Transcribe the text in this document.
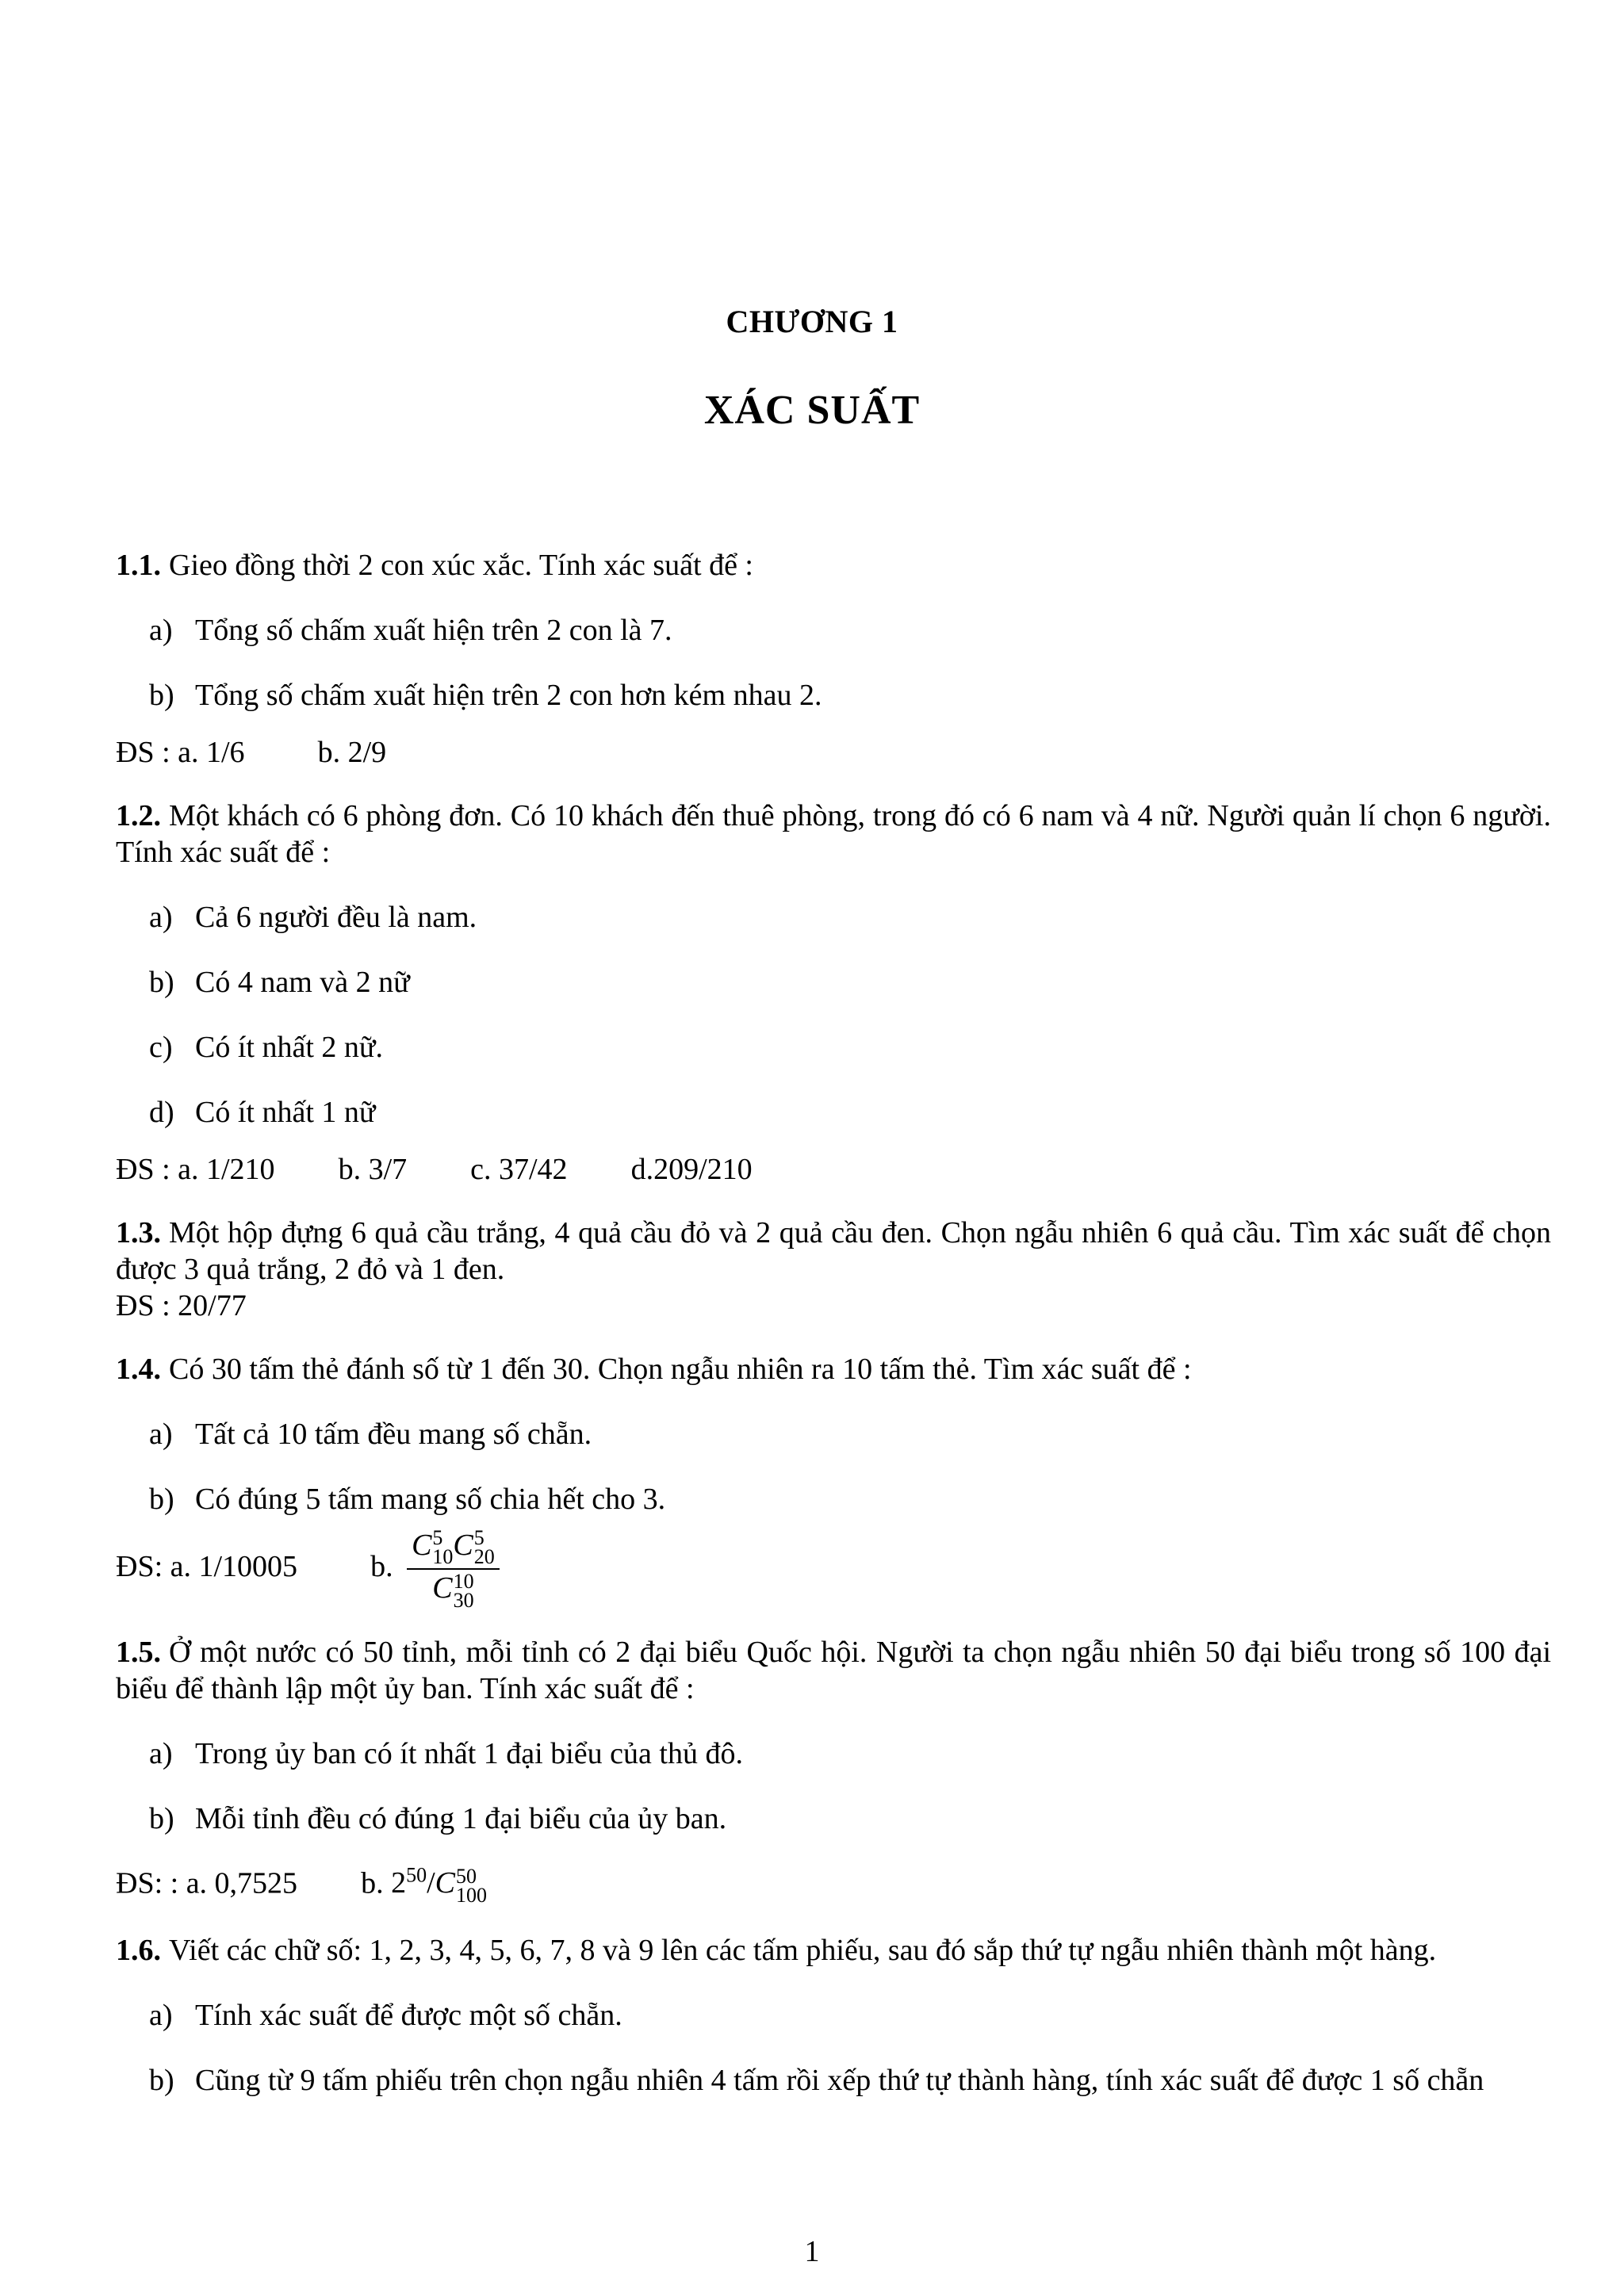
CHƯƠNG 1
XÁC SUẤT

1.1. Gieo đồng thời 2 con xúc xắc. Tính xác suất để :

a) Tổng số chấm xuất hiện trên 2 con là 7.
b) Tổng số chấm xuất hiện trên 2 con hơn kém nhau 2.
ĐS : a. 1/6 b. 2/9

1.2. Một khách có 6 phòng đơn. Có 10 khách đến thuê phòng, trong đó có 6 nam và 4 nữ. Người quản lí chọn 6 người. Tính xác suất để :

a) Cả 6 người đều là nam.
b) Có 4 nam và 2 nữ
c) Có ít nhất 2 nữ.
d) Có ít nhất 1 nữ
ĐS : a. 1/210 b. 3/7 c. 37/42 d.209/210

1.3. Một hộp đựng 6 quả cầu trắng, 4 quả cầu đỏ và 2 quả cầu đen. Chọn ngẫu nhiên 6 quả cầu. Tìm xác suất để chọn được 3 quả trắng, 2 đỏ và 1 đen.

ĐS : 20/77

1.4. Có 30 tấm thẻ đánh số từ 1 đến 30. Chọn ngẫu nhiên ra 10 tấm thẻ. Tìm xác suất để :

a) Tất cả 10 tấm đều mang số chẵn.
b) Có đúng 5 tấm mang số chia hết cho 3.
ĐS: a. 1/10005 b. C 5
10 C 5
20
C 10
30

1.5. Ở một nước có 50 tỉnh, mỗi tỉnh có 2 đại biểu Quốc hội. Người ta chọn ngẫu nhiên 50 đại biểu trong số 100 đại biểu để thành lập một ủy ban. Tính xác suất để :

a) Trong ủy ban có ít nhất 1 đại biểu của thủ đô.
b) Mỗi tỉnh đều có đúng 1 đại biểu của ủy ban.
ĐS: : a. 0,7525 b. $2^{50}/C$ 50
100

1.6. Viết các chữ số: 1, 2, 3, 4, 5, 6, 7, 8 và 9 lên các tấm phiếu, sau đó sắp thứ tự ngẫu nhiên thành một hàng.

a) Tính xác suất để được một số chẵn.
b) Cũng từ 9 tấm phiếu trên chọn ngẫu nhiên 4 tấm rồi xếp thứ tự thành hàng, tính xác suất để được 1 số chẵn
1
